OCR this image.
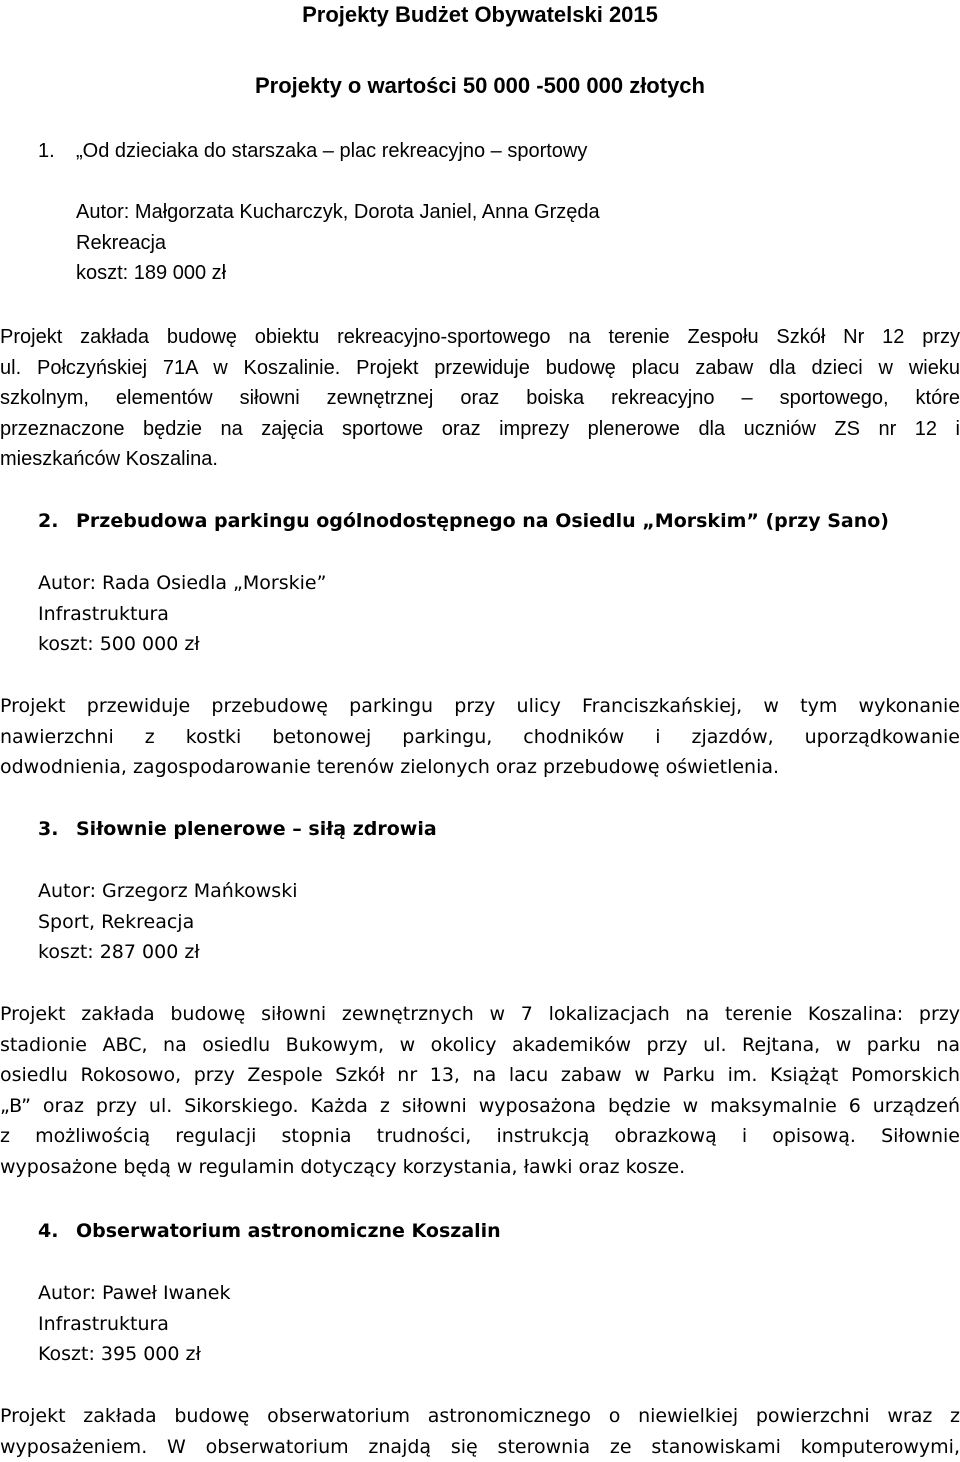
Projekty Budżet Obywatelski 2015
Projekty o wartości 50 000 -500 000 złotych
1. „Od dzieciaka do starszaka – plac rekreacyjno – sportowy
Autor: Małgorzata Kucharczyk, Dorota Janiel, Anna Grzęda
Rekreacja
koszt: 189 000 zł
Projekt zakłada budowę obiektu rekreacyjno-sportowego na terenie Zespołu Szkół Nr 12 przy
ul. Połczyńskiej 71A w Koszalinie. Projekt przewiduje budowę placu zabaw dla dzieci w wieku
szkolnym, elementów siłowni zewnętrznej oraz boiska rekreacyjno – sportowego, które
przeznaczone będzie na zajęcia sportowe oraz imprezy plenerowe dla uczniów ZS nr 12 i
mieszkańców Koszalina.
2. Przebudowa parkingu ogólnodostępnego na Osiedlu „Morskim” (przy Sano)
Autor: Rada Osiedla „Morskie”
Infrastruktura
koszt: 500 000 zł
Projekt przewiduje przebudowę parkingu przy ulicy Franciszkańskiej, w tym wykonanie
nawierzchni z kostki betonowej parkingu, chodników i zjazdów, uporządkowanie
odwodnienia, zagospodarowanie terenów zielonych oraz przebudowę oświetlenia.
3. Siłownie plenerowe – siłą zdrowia
Autor: Grzegorz Mańkowski
Sport, Rekreacja
koszt: 287 000 zł
Projekt zakłada budowę siłowni zewnętrznych w 7 lokalizacjach na terenie Koszalina: przy
stadionie ABC, na osiedlu Bukowym, w okolicy akademików przy ul. Rejtana, w parku na
osiedlu Rokosowo, przy Zespole Szkół nr 13, na lacu zabaw w Parku im. Książąt Pomorskich
„B” oraz przy ul. Sikorskiego. Każda z siłowni wyposażona będzie w maksymalnie 6 urządzeń
z możliwością regulacji stopnia trudności, instrukcją obrazkową i opisową. Siłownie
wyposażone będą w regulamin dotyczący korzystania, ławki oraz kosze.
4. Obserwatorium astronomiczne Koszalin
Autor: Paweł Iwanek
Infrastruktura
Koszt: 395 000 zł
Projekt zakłada budowę obserwatorium astronomicznego o niewielkiej powierzchni wraz z
wyposażeniem. W obserwatorium znajdą się sterownia ze stanowiskami komputerowymi,
